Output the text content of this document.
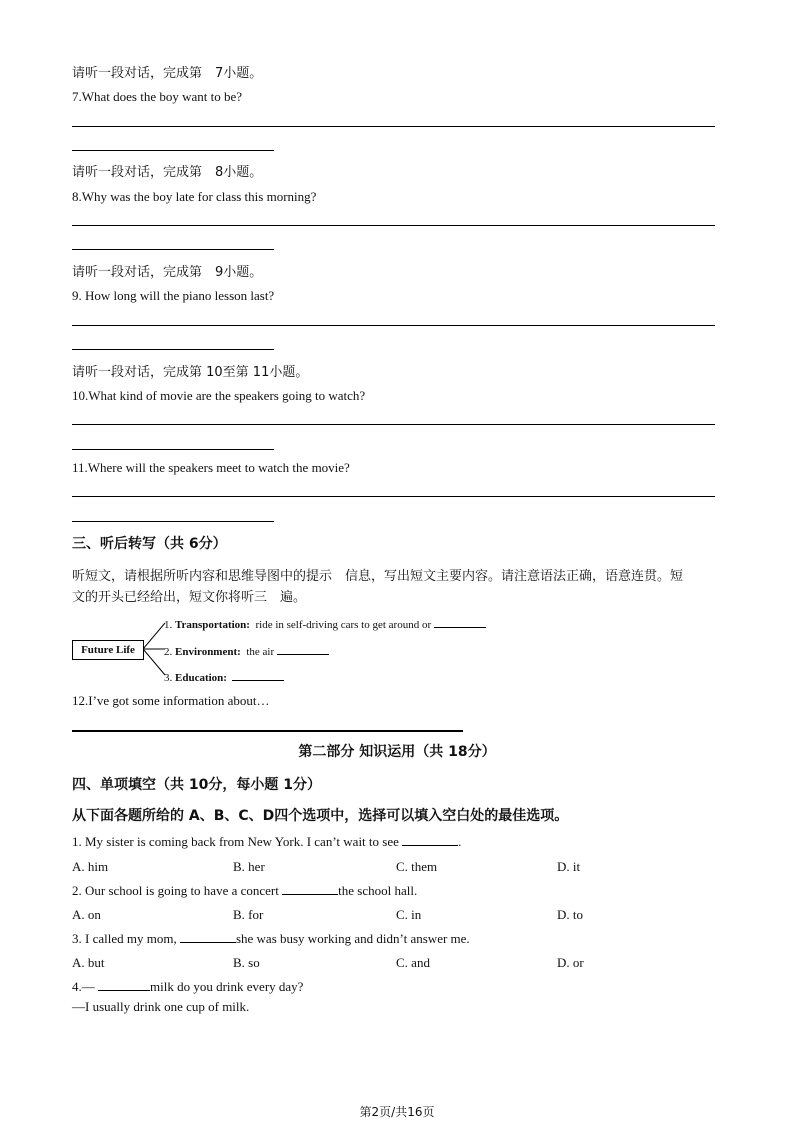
请听一段对话，完成第　7小题。
7.What does the boy want to be?
请听一段对话，完成第　8小题。
8.Why was the boy late for class this morning?
请听一段对话，完成第　9小题。
9. How long will the piano lesson last?
请听一段对话，完成第 10至第 11小题。
10.What kind of movie are the speakers going to watch?
11.Where will the speakers meet to watch the movie?
三、听后转写（共 6分）
听短文，请根据所听内容和思维导图中的提示　信息，写出短文主要内容。请注意语法正确，语意连贯。短
文的开头已经给出，短文你将听三　遍。
Future Life
1. Transportation: ride in self-driving cars to get around or
2. Environment: the air
3. Education:
12.I’ve got some information about…
第二部分 知识运用（共 18分）
四、单项填空（共 10分，每小题 1分）
从下面各题所给的 A、B、C、D四个选项中，选择可以填入空白处的最佳选项。
1. My sister is coming back from New York. I can’t wait to see	.
A. him	B. her	C. them	D. it
2. Our school is going to have a concert	the school hall.
A. on	B. for	C. in	D. to
3. I called my mom,	she was busy working and didn’t answer me.
A. but	B. so	C. and	D. or
4.—	milk do you drink every day?
—I usually drink one cup of milk.
第2页/共16页
